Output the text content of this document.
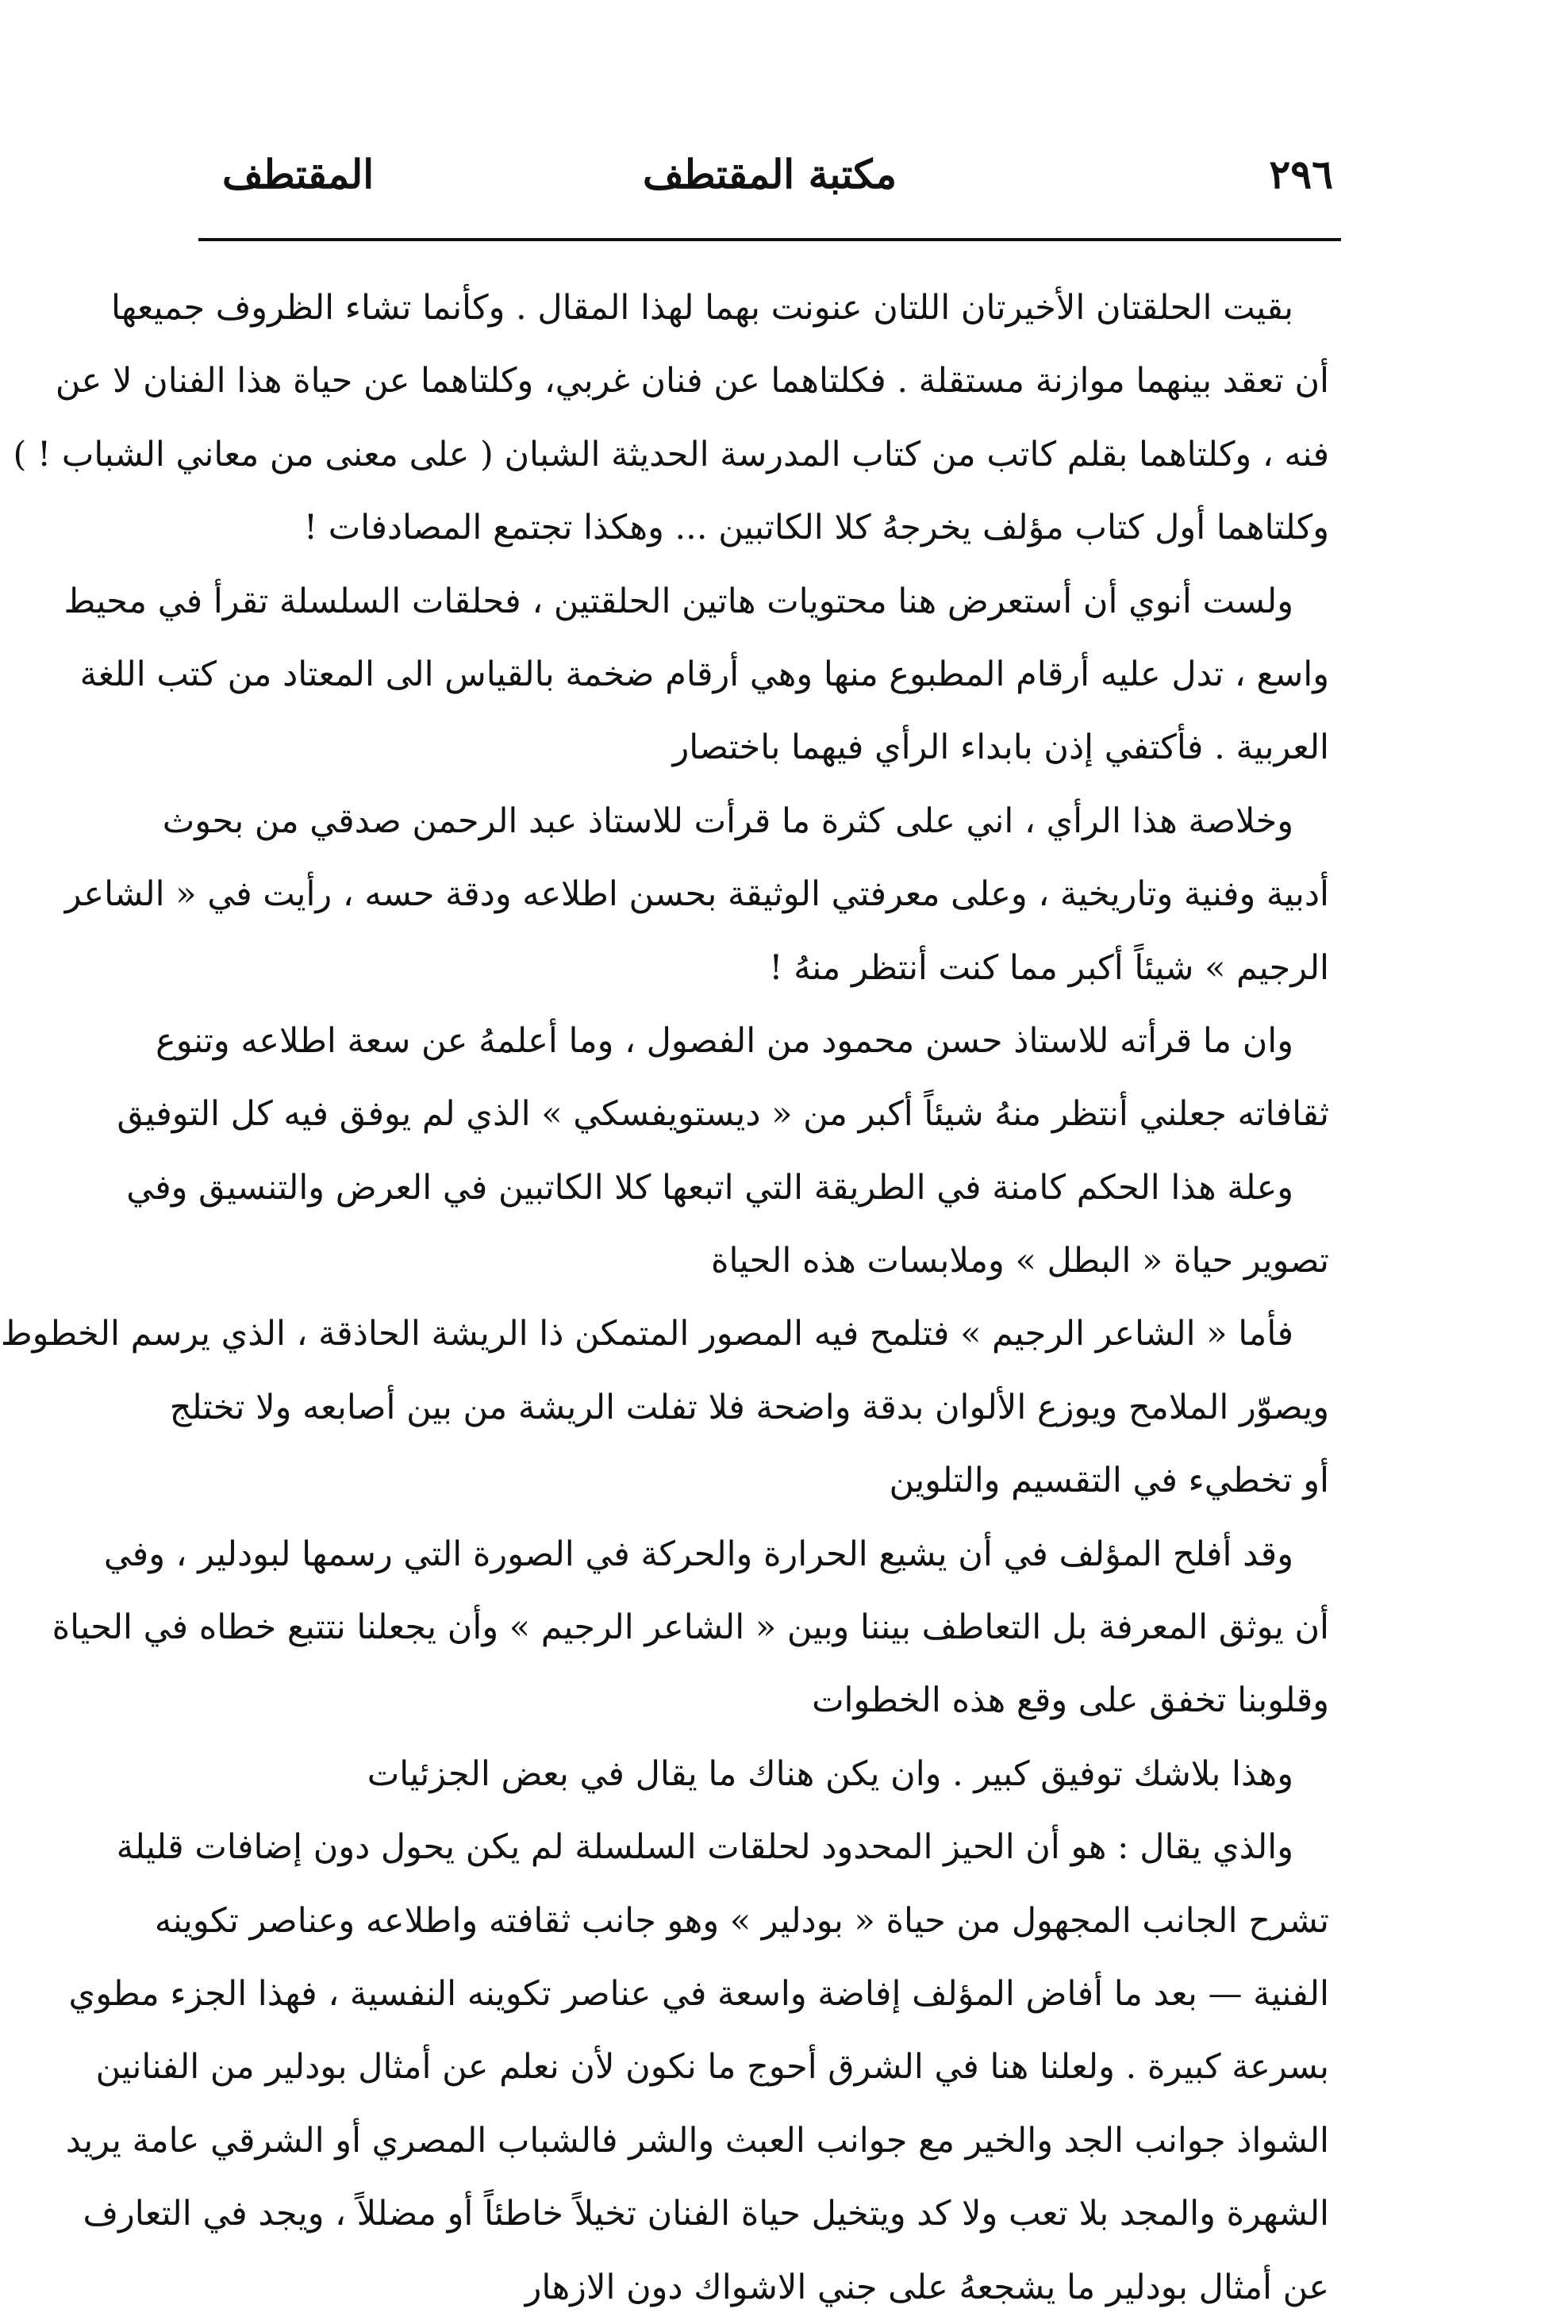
٢٩٦
مكتبة المقتطف
المقتطف
بقيت الحلقتان الأخيرتان اللتان عنونت بهما لهذا المقال . وكأنما تشاء الظروف جميعها
أن تعقد بينهما موازنة مستقلة . فكلتاهما عن فنان غربي، وكلتاهما عن حياة هذا الفنان لا عن
فنه ، وكلتاهما بقلم كاتب من كتاب المدرسة الحديثة الشبان ( على معنى من معاني الشباب ! )
وكلتاهما أول كتاب مؤلف يخرجهُ كلا الكاتبين ... وهكذا تجتمع المصادفات !
ولست أنوي أن أستعرض هنا محتويات هاتين الحلقتين ، فحلقات السلسلة تقرأ في محيط
واسع ، تدل عليه أرقام المطبوع منها وهي أرقام ضخمة بالقياس الى المعتاد من كتب اللغة
العربية . فأكتفي إذن بابداء الرأي فيهما باختصار
وخلاصة هذا الرأي ، اني على كثرة ما قرأت للاستاذ عبد الرحمن صدقي من بحوث
أدبية وفنية وتاريخية ، وعلى معرفتي الوثيقة بحسن اطلاعه ودقة حسه ، رأيت في « الشاعر
الرجيم » شيئاً أكبر مما كنت أنتظر منهُ !
وان ما قرأته للاستاذ حسن محمود من الفصول ، وما أعلمهُ عن سعة اطلاعه وتنوع
ثقافاته جعلني أنتظر منهُ شيئاً أكبر من « ديستويفسكي » الذي لم يوفق فيه كل التوفيق
وعلة هذا الحكم كامنة في الطريقة التي اتبعها كلا الكاتبين في العرض والتنسيق وفي
تصوير حياة « البطل » وملابسات هذه الحياة
فأما « الشاعر الرجيم » فتلمح فيه المصور المتمكن ذا الريشة الحاذقة ، الذي يرسم الخطوط
ويصوّر الملامح ويوزع الألوان بدقة واضحة فلا تفلت الريشة من بين أصابعه ولا تختلج
أو تخطيء في التقسيم والتلوين
وقد أفلح المؤلف في أن يشيع الحرارة والحركة في الصورة التي رسمها لبودلير ، وفي
أن يوثق المعرفة بل التعاطف بيننا وبين « الشاعر الرجيم » وأن يجعلنا نتتبع خطاه في الحياة
وقلوبنا تخفق على وقع هذه الخطوات
وهذا بلاشك توفيق كبير . وان يكن هناك ما يقال في بعض الجزئيات
والذي يقال : هو أن الحيز المحدود لحلقات السلسلة لم يكن يحول دون إضافات قليلة
تشرح الجانب المجهول من حياة « بودلير » وهو جانب ثقافته واطلاعه وعناصر تكوينه
الفنية — بعد ما أفاض المؤلف إفاضة واسعة في عناصر تكوينه النفسية ، فهذا الجزء مطوي
بسرعة كبيرة . ولعلنا هنا في الشرق أحوج ما نكون لأن نعلم عن أمثال بودلير من الفنانين
الشواذ جوانب الجد والخير مع جوانب العبث والشر فالشباب المصري أو الشرقي عامة يريد
الشهرة والمجد بلا تعب ولا كد ويتخيل حياة الفنان تخيلاً خاطئاً أو مضللاً ، ويجد في التعارف
عن أمثال بودلير ما يشجعهُ على جني الاشواك دون الازهار
